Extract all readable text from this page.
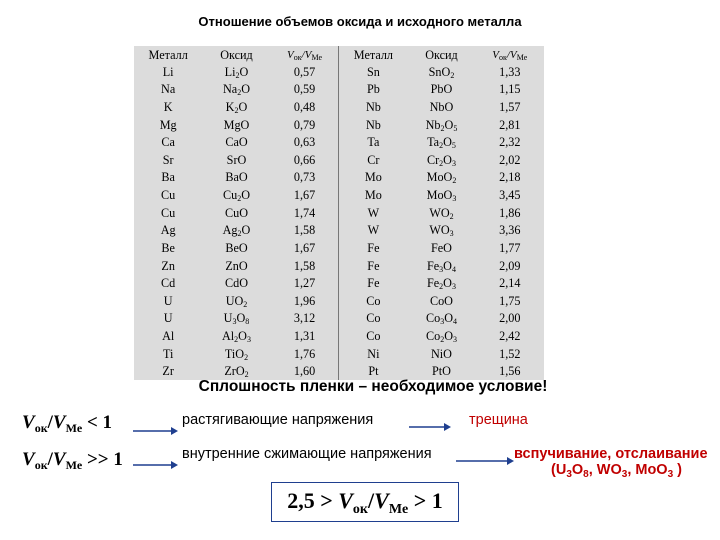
Отношение объемов оксида и исходного металла
Металл	Оксид	$V_{ок}/V_{Me}$	Металл	Оксид	$V_{ок}/V_{Me}$
Li	$Li_2O$	0,57	Sn	SnO$_2$	1,33
Na	$Na_2O$	0,59	Pb	PbO	1,15
K	$K_2O$	0,48	Nb	NbO	1,57
Mg	MgO	0,79	Nb	$Nb_2O_5$	2,81
Ca	CaO	0,63	Ta	$Ta_2O_5$	2,32
Sr	SrO	0,66	Cr	$Cr_2O_3$	2,02
Ba	BaO	0,73	Mo	MoO$_2$	2,18
Cu	$Cu_2O$	1,67	Mo	MoO$_3$	3,45
Cu	CuO	1,74	W	$WO_2$	1,86
Ag	$Ag_2O$	1,58	W	$WO_3$	3,36
Be	BeO	1,67	Fe	FeO	1,77
Zn	ZnO	1,58	Fe	$Fe_3O_4$	2,09
Cd	CdO	1,27	Fe	$Fe_2O_3$	2,14
U	$UO_2$	1,96	Co	CoO	1,75
U	$U_3O_8$	3,12	Co	$Co_3O_4$	2,00
Al	$Al_2O_3$	1,31	Co	$Co_2O_3$	2,42
Ti	TiO$_2$	1,76	Ni	NiO	1,52
Zr	ZrO$_2$	1,60	Pt	PtO	1,56
Сплошность пленки – необходимое условие!
$V_{ок}/V_{Me} < 1$	растягивающие напряжения	трещина
$V_{ок}/V_{Me} >> 1$	внутренние сжимающие напряжения	вспучивание, отслаивание
($U_3O_8$, $WO_3$, MoO$_3$ )
$2,5 > V_{ок}/V_{Me} > 1$
